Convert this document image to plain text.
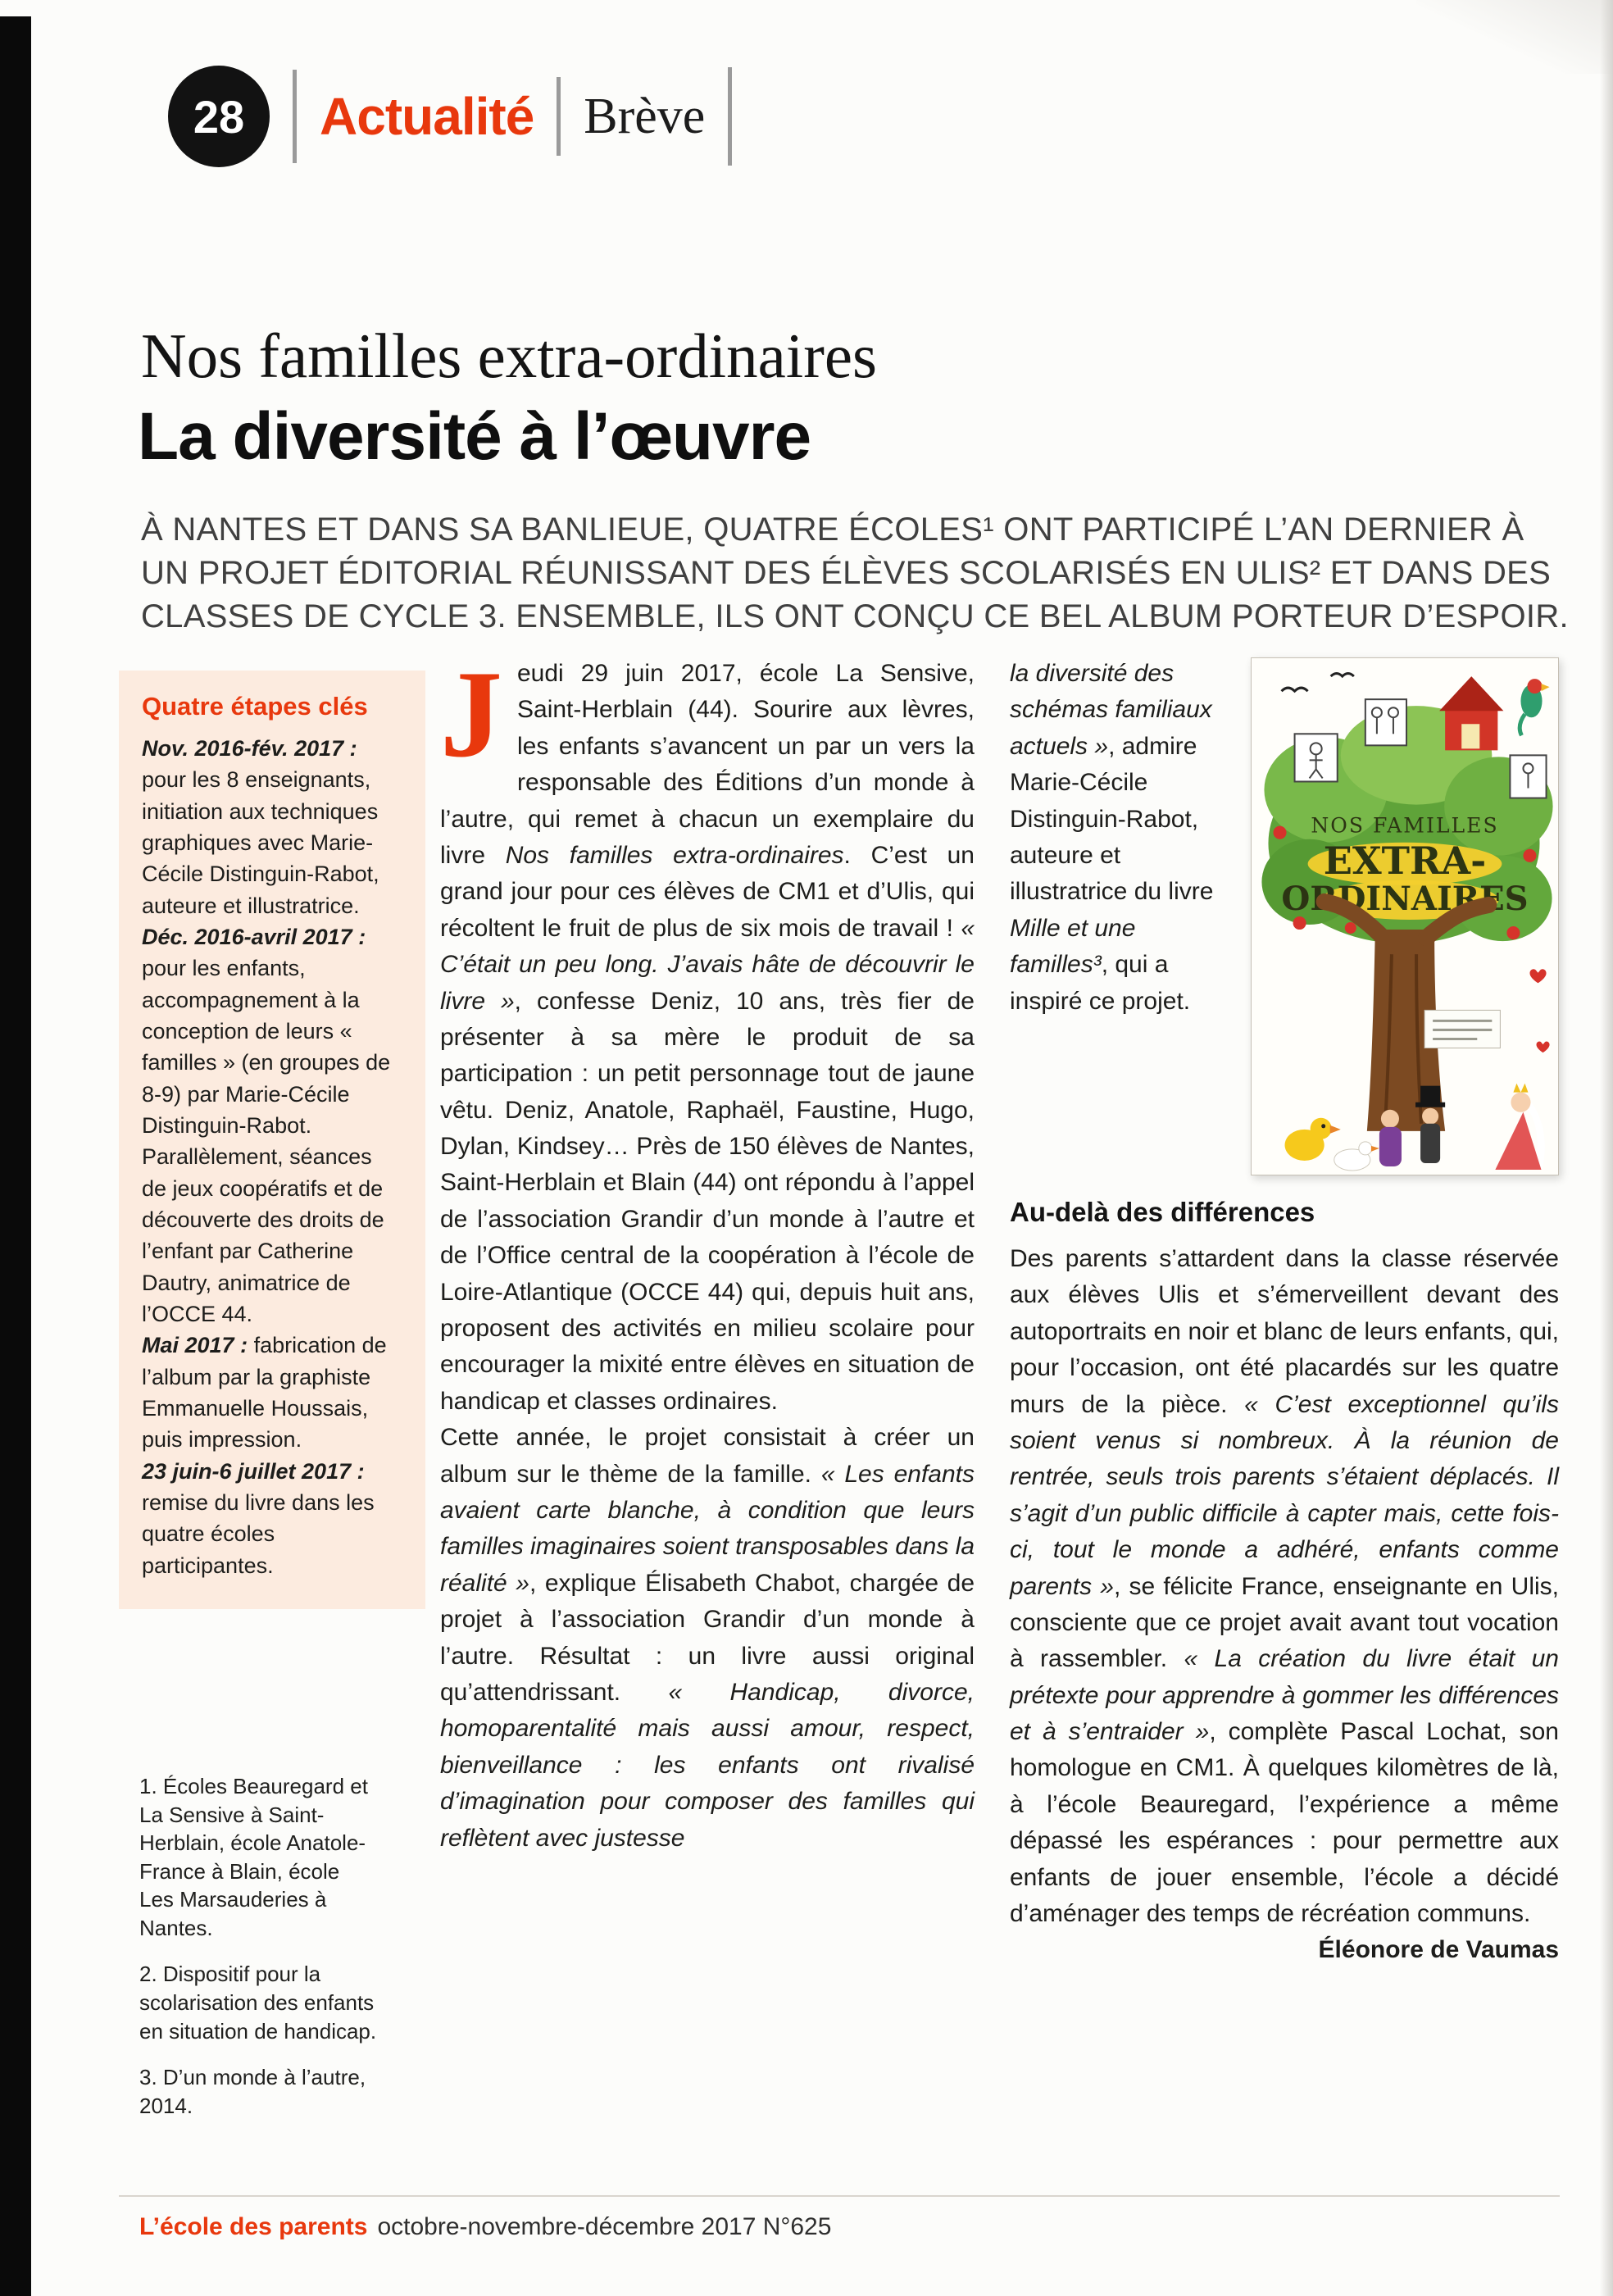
28 Actualité Brève
Nos familles extra-ordinaires
La diversité à l’œuvre

À NANTES ET DANS SA BANLIEUE, QUATRE ÉCOLES¹ ONT PARTICIPÉ L’AN DERNIER À UN PROJET ÉDITORIAL RÉUNISSANT DES ÉLÈVES SCOLARISÉS EN ULIS² ET DANS DES CLASSES DE CYCLE 3. ENSEMBLE, ILS ONT CONÇU CE BEL ALBUM PORTEUR D’ESPOIR.

Quatre étapes clés

Nov. 2016-fév. 2017 : pour les 8 enseignants, initiation aux techniques graphiques avec Marie-Cécile Distinguin-Rabot, auteure et illustratrice.

Déc. 2016-avril 2017 : pour les enfants, accompagnement à la conception de leurs « familles » (en groupes de 8-9) par Marie-Cécile Distinguin-Rabot. Parallèlement, séances de jeux coopératifs et de découverte des droits de l’enfant par Catherine Dautry, animatrice de l’OCCE 44.

Mai 2017 : fabrication de l’album par la graphiste Emmanuelle Houssais, puis impression.

23 juin-6 juillet 2017 : remise du livre dans les quatre écoles participantes.

1. Écoles Beauregard et La Sensive à Saint-Herblain, école Anatole-France à Blain, école Les Marsauderies à Nantes.

2. Dispositif pour la scolarisation des enfants en situation de handicap.

3. D’un monde à l’autre, 2014.

Jeudi 29 juin 2017, école La Sensive, Saint-Herblain (44). Sourire aux lèvres, les enfants s’avancent un par un vers la responsable des Éditions d’un monde à l’autre, qui remet à chacun un exemplaire du livre Nos familles extra-ordinaires. C’est un grand jour pour ces élèves de CM1 et d’Ulis, qui récoltent le fruit de plus de six mois de travail ! « C’était un peu long. J’avais hâte de découvrir le livre », confesse Deniz, 10 ans, très fier de présenter à sa mère le produit de sa participation : un petit personnage tout de jaune vêtu. Deniz, Anatole, Raphaël, Faustine, Hugo, Dylan, Kindsey… Près de 150 élèves de Nantes, Saint-Herblain et Blain (44) ont répondu à l’appel de l’association Grandir d’un monde à l’autre et de l’Office central de la coopération à l’école de Loire-Atlantique (OCCE 44) qui, depuis huit ans, proposent des activités en milieu scolaire pour encourager la mixité entre élèves en situation de handicap et classes ordinaires.

Cette année, le projet consistait à créer un album sur le thème de la famille. « Les enfants avaient carte blanche, à condition que leurs familles imaginaires soient transposables dans la réalité », explique Élisabeth Chabot, chargée de projet à l’association Grandir d’un monde à l’autre. Résultat : un livre aussi original qu’attendrissant. « Handicap, divorce, homoparentalité mais aussi amour, respect, bienveillance : les enfants ont rivalisé d’imagination pour composer des familles qui reflètent avec justesse

NOS FAMILLES
EXTRA-
ORDINAIRES

la diversité des schémas familiaux actuels », admire Marie-Cécile Distinguin-Rabot, auteure et illustratrice du livre Mille et une familles³, qui a inspiré ce projet.

Au-delà des différences

Des parents s’attardent dans la classe réservée aux élèves Ulis et s’émerveillent devant des autoportraits en noir et blanc de leurs enfants, qui, pour l’occasion, ont été placardés sur les quatre murs de la pièce. « C’est exceptionnel qu’ils soient venus si nombreux. À la réunion de rentrée, seuls trois parents s’étaient déplacés. Il s’agit d’un public difficile à capter mais, cette fois-ci, tout le monde a adhéré, enfants comme parents », se félicite France, enseignante en Ulis, consciente que ce projet avait avant tout vocation à rassembler. « La création du livre était un prétexte pour apprendre à gommer les différences et à s’entraider », complète Pascal Lochat, son homologue en CM1. À quelques kilomètres de là, à l’école Beauregard, l’expérience a même dépassé les espérances : pour permettre aux enfants de jouer ensemble, l’école a décidé d’aménager des temps de récréation communs.
Éléonore de Vaumas

L’école des parents octobre-novembre-décembre 2017 N°625
